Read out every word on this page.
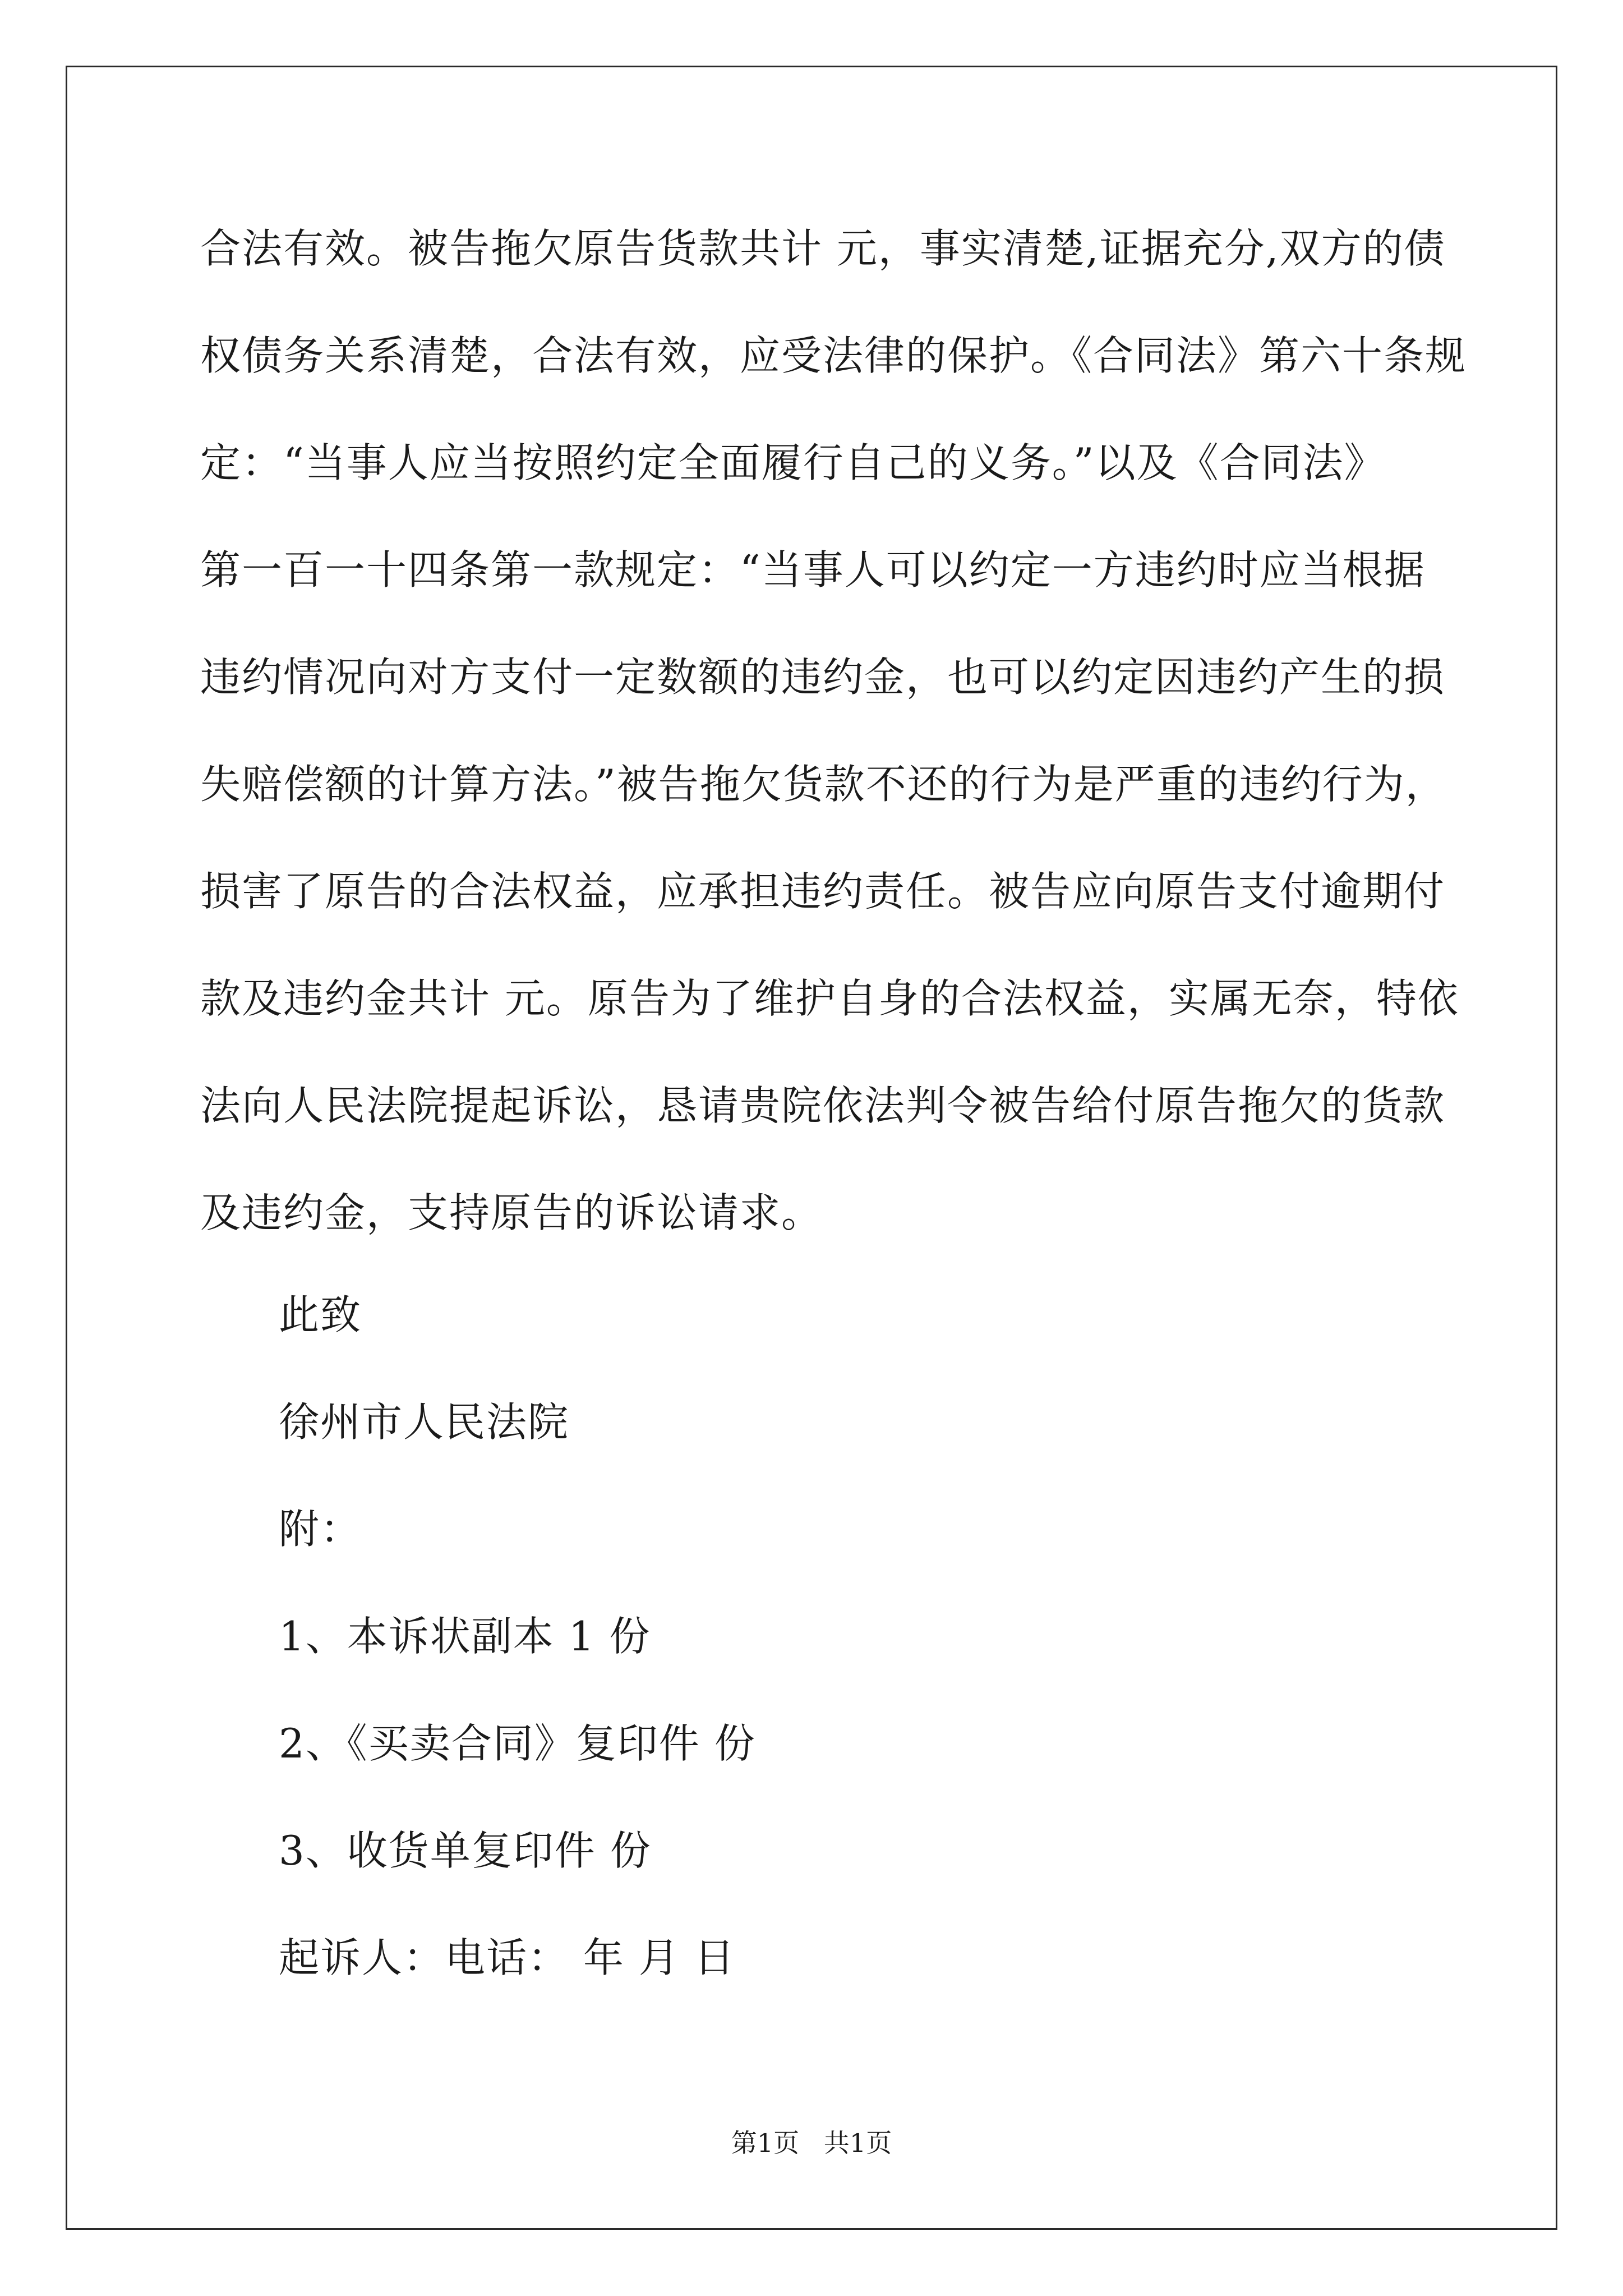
合法有效。被告拖欠原告货款共计 元，事实清楚,证据充分,双方的债
权债务关系清楚，合法有效，应受法律的保护。《合同法》第六十条规
定：“当事人应当按照约定全面履行自己的义务。”以及《合同法》
第一百一十四条第一款规定：“当事人可以约定一方违约时应当根据
违约情况向对方支付一定数额的违约金，也可以约定因违约产生的损
失赔偿额的计算方法。”被告拖欠货款不还的行为是严重的违约行为，
损害了原告的合法权益，应承担违约责任。被告应向原告支付逾期付
款及违约金共计 元。原告为了维护自身的合法权益，实属无奈，特依
法向人民法院提起诉讼，恳请贵院依法判令被告给付原告拖欠的货款
及违约金，支持原告的诉讼请求。
此致
徐州市人民法院
附：
1、本诉状副本 1 份
2、《买卖合同》复印件 份
3、收货单复印件 份
起诉人：电话： 年 月 日
第1页   共1页
